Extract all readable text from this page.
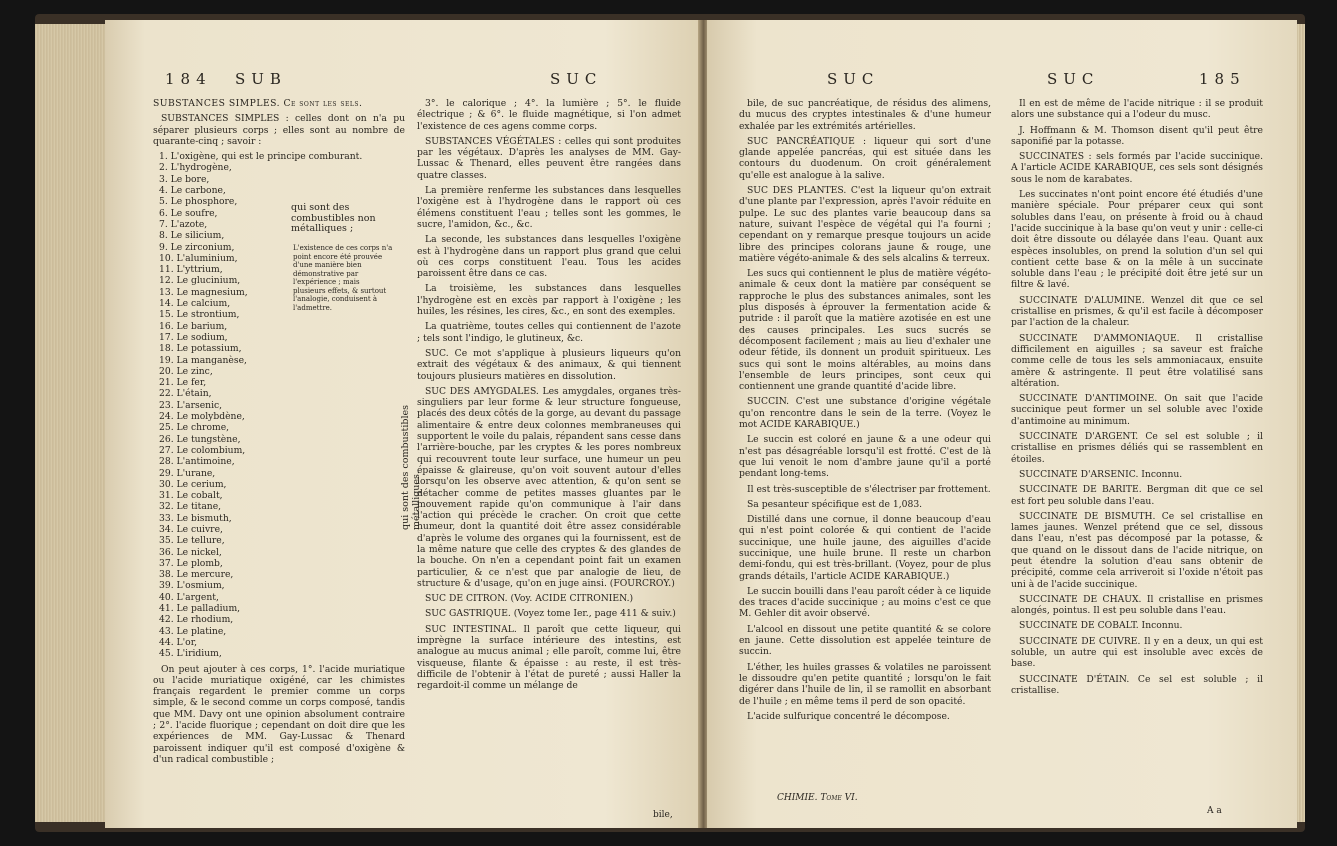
184 SUB	SUC

SUBSTANCES SIMPLES. Ce sont les sels.

SUBSTANCES SIMPLES : celles dont on n'a pu séparer plusieurs corps ; elles sont au nombre de quarante-cinq ; savoir :

1. L'oxigène, qui est le principe comburant.
2. L'hydrogène,
3. Le bore,
4. Le carbone,
5. Le phosphore,
6. Le soufre,
7. L'azote,
8. Le silicium,
9. Le zirconium,
10. L'aluminium,
11. L'yttrium,
12. Le glucinium,
13. Le magnesium,
14. Le calcium,
15. Le strontium,
16. Le barium,
17. Le sodium,
18. Le potassium,
19. La manganèse,
20. Le zinc,
21. Le fer,
22. L'étain,
23. L'arsenic,
24. Le molybdène,
25. Le chrome,
26. Le tungstène,
27. Le colombium,
28. L'antimoine,
29. L'urane,
30. Le cerium,
31. Le cobalt,
32. Le titane,
33. Le bismuth,
34. Le cuivre,
35. Le tellure,
36. Le nickel,
37. Le plomb,
38. Le mercure,
39. L'osmium,
40. L'argent,
41. Le palladium,
42. Le rhodium,
43. Le platine,
44. L'or,
45. L'iridium,

On peut ajouter à ces corps, 1°. l'acide muriatique ou l'acide muriatique oxigéné, car les chimistes français regardent le premier comme un corps simple, & le second comme un corps composé, tandis que MM. Davy ont une opinion absolument contraire ; 2°. l'acide fluorique ; cependant on doit dire que les expériences de MM. Gay-Lussac & Thenard paroissent indiquer qu'il est composé d'oxigène & d'un radical combustible ;

qui sont des combustibles non métalliques ;
L'existence de ces corps n'a point encore été prouvée d'une manière bien démonstrative par l'expérience ; mais plusieurs effets, & surtout l'analogie, conduisent à l'admettre.
qui sont des combustibles métalliques.

3°. le calorique ; 4°. la lumière ; 5°. le fluide électrique ; & 6°. le fluide magnétique, si l'on admet l'existence de ces agens comme corps.

SUBSTANCES VÉGÉTALES : celles qui sont produites par les végétaux. D'après les analyses de MM. Gay-Lussac & Thenard, elles peuvent être rangées dans quatre classes.

La première renferme les substances dans lesquelles l'oxigène est à l'hydrogène dans le rapport où ces élémens constituent l'eau ; telles sont les gommes, le sucre, l'amidon, &c., &c.

La seconde, les substances dans lesquelles l'oxigène est à l'hydrogène dans un rapport plus grand que celui où ces corps constituent l'eau. Tous les acides paroissent être dans ce cas.

La troisième, les substances dans lesquelles l'hydrogène est en excès par rapport à l'oxigène ; les huiles, les résines, les cires, &c., en sont des exemples.

La quatrième, toutes celles qui contiennent de l'azote ; tels sont l'indigo, le glutineux, &c.

SUC. Ce mot s'applique à plusieurs liqueurs qu'on extrait des végétaux & des animaux, & qui tiennent toujours plusieurs matières en dissolution.

SUC DES AMYGDALES. Les amygdales, organes très-singuliers par leur forme & leur structure fongueuse, placés des deux côtés de la gorge, au devant du passage alimentaire & entre deux colonnes membraneuses qui supportent le voile du palais, répandent sans cesse dans l'arrière-bouche, par les cryptes & les pores nombreux qui recouvrent toute leur surface, une humeur un peu épaisse & glaireuse, qu'on voit souvent autour d'elles lorsqu'on les observe avec attention, & qu'on sent se détacher comme de petites masses gluantes par le mouvement rapide qu'on communique à l'air dans l'action qui précède le cracher. On croit que cette humeur, dont la quantité doit être assez considérable d'après le volume des organes qui la fournissent, est de la même nature que celle des cryptes & des glandes de la bouche. On n'en a cependant point fait un examen particulier, & ce n'est que par analogie de lieu, de structure & d'usage, qu'on en juge ainsi. (FOURCROY.)

SUC DE CITRON. (Voy. ACIDE CITRONIEN.)

SUC GASTRIQUE. (Voyez tome Ier., page 411 & suiv.)

SUC INTESTINAL. Il paroît que cette liqueur, qui imprègne la surface intérieure des intestins, est analogue au mucus animal ; elle paroît, comme lui, être visqueuse, filante & épaisse : au reste, il est très-difficile de l'obtenir à l'état de pureté ; aussi Haller la regardoit-il comme un mélange de

bile,
SUC	SUC	185

bile, de suc pancréatique, de résidus des alimens, du mucus des cryptes intestinales & d'une humeur exhalée par les extrémités artérielles.

SUC PANCRÉATIQUE : liqueur qui sort d'une glande appelée pancréas, qui est située dans les contours du duodenum. On croit généralement qu'elle est analogue à la salive.

SUC DES PLANTES. C'est la liqueur qu'on extrait d'une plante par l'expression, après l'avoir réduite en pulpe. Le suc des plantes varie beaucoup dans sa nature, suivant l'espèce de végétal qui l'a fourni ; cependant on y remarque presque toujours un acide libre des principes colorans jaune & rouge, une matière végéto-animale & des sels alcalins & terreux.

Les sucs qui contiennent le plus de matière végéto-animale & ceux dont la matière par conséquent se rapproche le plus des substances animales, sont les plus disposés à éprouver la fermentation acide & putride : il paroît que la matière azotisée en est une des causes principales. Les sucs sucrés se décomposent facilement ; mais au lieu d'exhaler une odeur fétide, ils donnent un produit spiritueux. Les sucs qui sont le moins altérables, au moins dans l'ensemble de leurs principes, sont ceux qui contiennent une grande quantité d'acide libre.

SUCCIN. C'est une substance d'origine végétale qu'on rencontre dans le sein de la terre. (Voyez le mot ACIDE KARABIQUE.)

Le succin est coloré en jaune & a une odeur qui n'est pas désagréable lorsqu'il est frotté. C'est de là que lui venoit le nom d'ambre jaune qu'il a porté pendant long-tems.

Il est très-susceptible de s'électriser par frottement.

Sa pesanteur spécifique est de 1,083.

Distillé dans une cornue, il donne beaucoup d'eau qui n'est point colorée & qui contient de l'acide succinique, une huile jaune, des aiguilles d'acide succinique, une huile brune. Il reste un charbon demi-fondu, qui est très-brillant. (Voyez, pour de plus grands détails, l'article ACIDE KARABIQUE.)

Le succin bouilli dans l'eau paroît céder à ce liquide des traces d'acide succinique ; au moins c'est ce que M. Gehler dit avoir observé.

L'alcool en dissout une petite quantité & se colore en jaune. Cette dissolution est appelée teinture de succin.

L'éther, les huiles grasses & volatiles ne paroissent le dissoudre qu'en petite quantité ; lorsqu'on le fait digérer dans l'huile de lin, il se ramollit en absorbant de l'huile ; en même tems il perd de son opacité.

L'acide sulfurique concentré le décompose.

CHIMIE. Tome VI.

Il en est de même de l'acide nitrique : il se produit alors une substance qui a l'odeur du musc.

J. Hoffmann & M. Thomson disent qu'il peut être saponifié par la potasse.

SUCCINATES : sels formés par l'acide succinique. A l'article ACIDE KARABIQUE, ces sels sont désignés sous le nom de karabates.

Les succinates n'ont point encore été étudiés d'une manière spéciale. Pour préparer ceux qui sont solubles dans l'eau, on présente à froid ou à chaud l'acide succinique à la base qu'on veut y unir : celle-ci doit être dissoute ou délayée dans l'eau. Quant aux espèces insolubles, on prend la solution d'un sel qui contient cette base & on la mêle à un succinate soluble dans l'eau ; le précipité doit être jeté sur un filtre & lavé.

SUCCINATE D'ALUMINE. Wenzel dit que ce sel cristallise en prismes, & qu'il est facile à décomposer par l'action de la chaleur.

SUCCINATE D'AMMONIAQUE. Il cristallise difficilement en aiguilles ; sa saveur est fraîche comme celle de tous les sels ammoniacaux, ensuite amère & astringente. Il peut être volatilisé sans altération.

SUCCINATE D'ANTIMOINE. On sait que l'acide succinique peut former un sel soluble avec l'oxide d'antimoine au minimum.

SUCCINATE D'ARGENT. Ce sel est soluble ; il cristallise en prismes déliés qui se rassemblent en étoiles.

SUCCINATE D'ARSENIC. Inconnu.

SUCCINATE DE BARITE. Bergman dit que ce sel est fort peu soluble dans l'eau.

SUCCINATE DE BISMUTH. Ce sel cristallise en lames jaunes. Wenzel prétend que ce sel, dissous dans l'eau, n'est pas décomposé par la potasse, & que quand on le dissout dans de l'acide nitrique, on peut étendre la solution d'eau sans obtenir de précipité, comme cela arriveroit si l'oxide n'étoit pas uni à de l'acide succinique.

SUCCINATE DE CHAUX. Il cristallise en prismes alongés, pointus. Il est peu soluble dans l'eau.

SUCCINATE DE COBALT. Inconnu.

SUCCINATE DE CUIVRE. Il y en a deux, un qui est soluble, un autre qui est insoluble avec excès de base.

SUCCINATE D'ÉTAIN. Ce sel est soluble ; il cristallise.

A a
